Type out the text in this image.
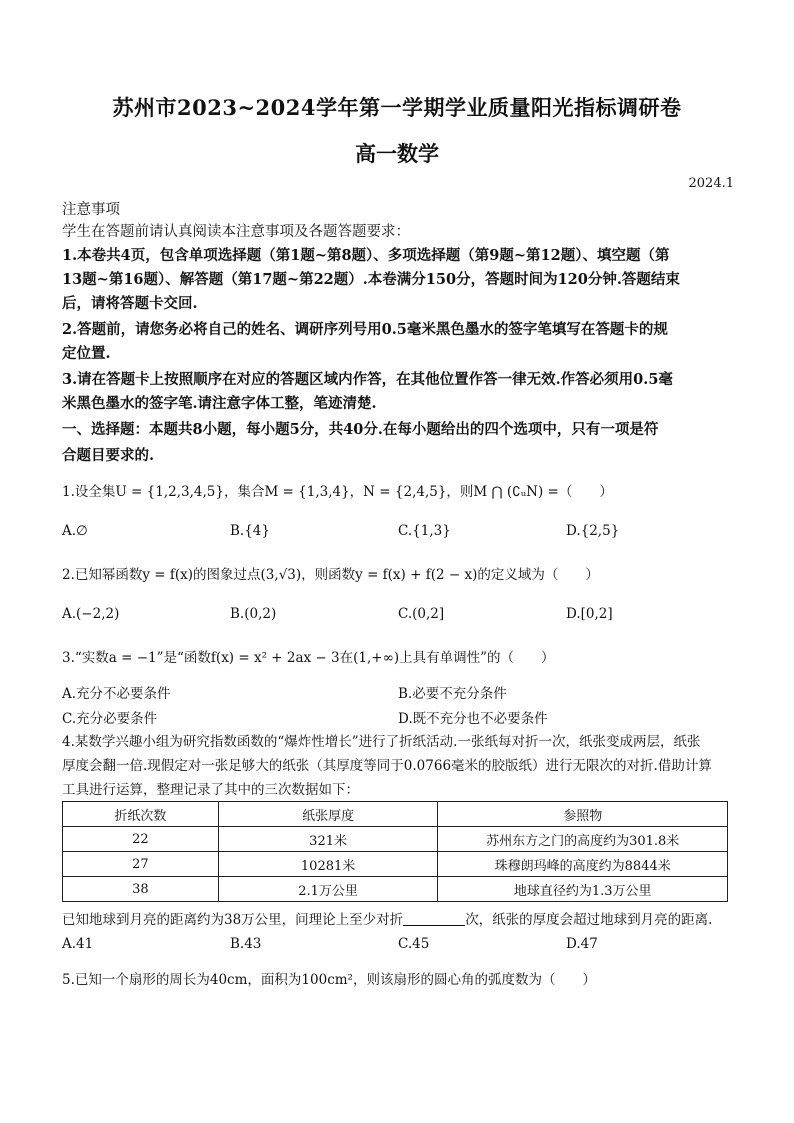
苏州市2023~2024学年第一学期学业质量阳光指标调研卷
高一数学
2024.1
注意事项
学生在答题前请认真阅读本注意事项及各题答题要求：
1.本卷共4页，包含单项选择题（第1题~第8题）、多项选择题（第9题~第12题）、填空题（第
13题~第16题）、解答题（第17题~第22题）.本卷满分150分，答题时间为120分钟.答题结束
后，请将答题卡交回.
2.答题前，请您务必将自己的姓名、调研序列号用0.5毫米黑色墨水的签字笔填写在答题卡的规
定位置.
3.请在答题卡上按照顺序在对应的答题区域内作答，在其他位置作答一律无效.作答必须用0.5毫
米黑色墨水的签字笔.请注意字体工整，笔迹清楚.
一、选择题：本题共8小题，每小题5分，共40分.在每小题给出的四个选项中，只有一项是符
合题目要求的.
1.设全集U = {1,2,3,4,5}，集合M = {1,3,4}，N = {2,4,5}，则M ⋂ (∁ᵤN) =（　　）
A.∅	B.{4}	C.{1,3}	D.{2,5}
2.已知幂函数y = f(x)的图象过点(3,√3)，则函数y = f(x) + f(2 − x)的定义域为（　　）
A.(−2,2)	B.(0,2)	C.(0,2]	D.[0,2]
3.“实数a = −1”是“函数f(x) = x² + 2ax − 3在(1,+∞)上具有单调性”的（　　）
A.充分不必要条件	B.必要不充分条件
C.充分必要条件	D.既不充分也不必要条件
4.某数学兴趣小组为研究指数函数的“爆炸性增长”进行了折纸活动.一张纸每对折一次，纸张变成两层，纸张
厚度会翻一倍.现假定对一张足够大的纸张（其厚度等同于0.0766毫米的胶版纸）进行无限次的对折.借助计算
工具进行运算，整理记录了其中的三次数据如下：
折纸次数	纸张厚度	参照物
22	321米	苏州东方之门的高度约为301.8米
27	10281米	珠穆朗玛峰的高度约为8844米
38	2.1万公里	地球直径约为1.3万公里
已知地球到月亮的距离约为38万公里，问理论上至少对折	次，纸张的厚度会超过地球到月亮的距离.
A.41	B.43	C.45	D.47
5.已知一个扇形的周长为40cm，面积为100cm²，则该扇形的圆心角的弧度数为（　　）
